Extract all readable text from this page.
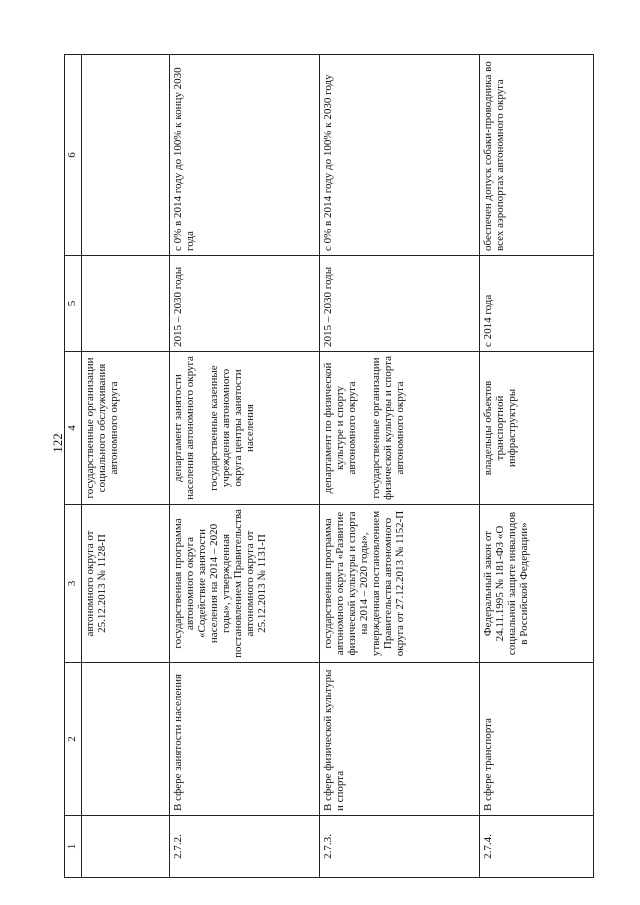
122
1	2	3	4	5	6
		автономного округа от 25.12.2013 № 1128-П	государственные организации социального обслуживания автономного округа		
2.7.2.	В сфере занятости населения	государственная программа автономного округа «Содействие занятости населения на 2014 – 2020 годы», утвержденная постановлением Правительства автономного округа от 25.12.2013 № 1131-П	департамент занятости населения автономного округа государственные казенные учреждения автономного округа центры занятости населения	2015 – 2030 годы	с 0% в 2014 году до 100% к концу 2030 года
2.7.3.	В сфере физической культуры и спорта	государственная программа автономного округа «Развитие физической культуры и спорта на 2014 – 2020 годы», утвержденная постановлением Правительства автономного округа от 27.12.2013 № 1152-П	департамент по физической культуре и спорту автономного округа государственные организации физической культуры и спорта автономного округа	2015 – 2030 годы	с 0% в 2014 году до 100% к 2030 году
2.7.4.	В сфере транспорта	Федеральный закон от 24.11.1995 № 181-ФЗ «О социальной защите инвалидов в Российской Федерации»	владельцы объектов транспортной инфраструктуры	с 2014 года	обеспечен допуск собаки-проводника во всех аэропортах автономного округа
